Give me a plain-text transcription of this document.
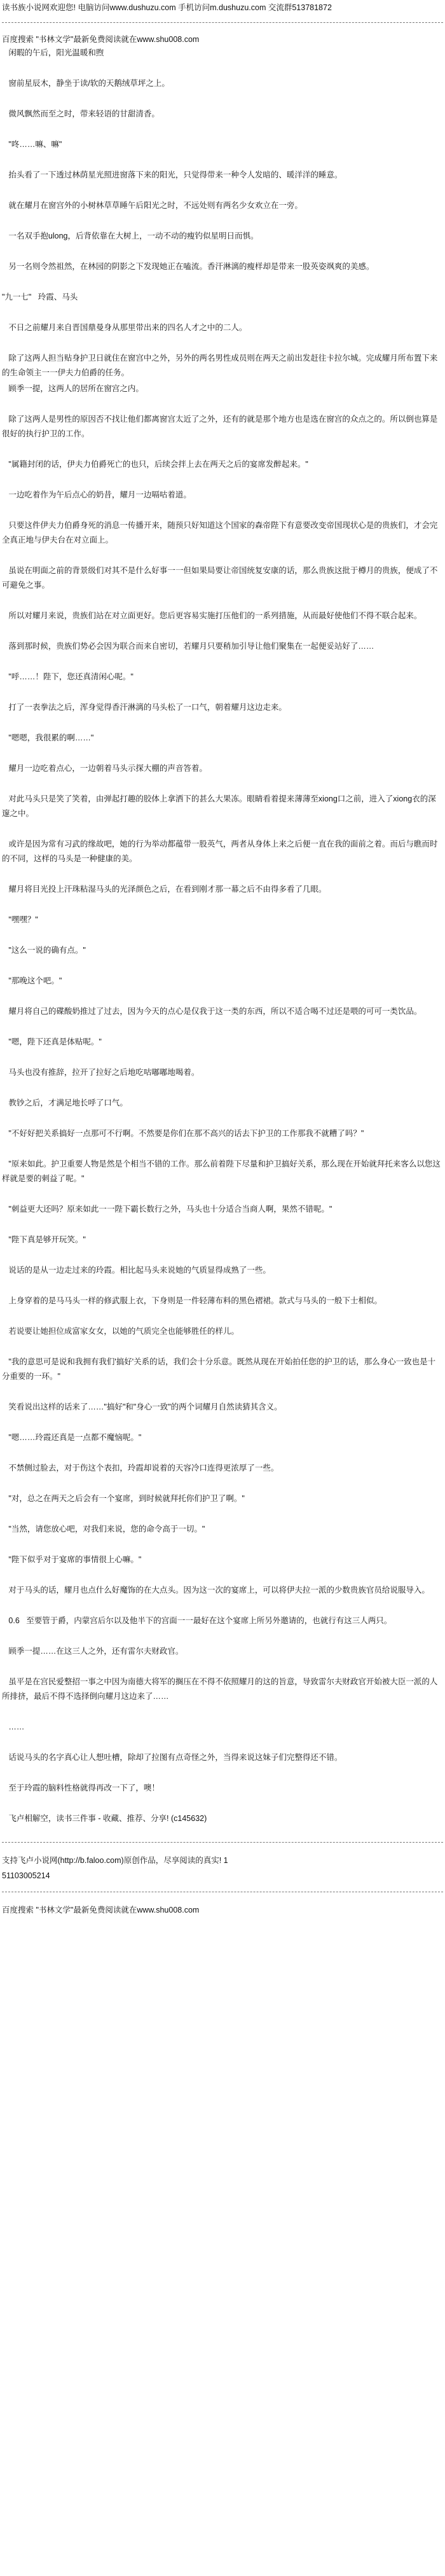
读书族小说网欢迎您! 电脑访问www.dushuzu.com 手机访问m.dushuzu.com 交流群513781872

百度搜索 "书林文学"最新免费阅读就在www.shu008.com

闲暇的午后，阳光温暖和煦

窗前星辰木，静坐于读/软的天鹅绒草坪之上。

微风飘然而至之时，带来轻语的甘甜清香。

"咚……嘛、嘛"

抬头看了一下透过林荫星光照进窗落下来的阳光，只觉得带来一种令人发暗的、暖洋洋的睡意。

就在耀月在窗宫外的小树林草草睡午后阳光之时，不远处则有两名少女欢立在一旁。

一名双手抱ulong，后背依靠在大树上，一动不动的瘦钓似星明日而惧。

另一名则令然祖然，在林园的阴影之下发现她正在嗑流。香汗淋漓的瘦样却是带来一股英姿飒爽的美感。

"九一七"   玲霞、马头

不日之前耀月来自晋国鼎曼身从那里带出来的四名人才之中的二人。

除了这两人担当贴身护卫日就住在窗宫中之外，另外的两名男性成员则在两天之前出发赶往卡拉尔城。完成耀月所布置下来的生命领主一一伊夫力伯爵的任务。

顾季一提，这两人的居所在窗宫之内。

除了这两人是男性的原因否不找让他们都离窗宫太近了之外，还有的就是那个地方也是选在窗宫的众点之的。所以倒也算是很好的执行护卫的工作。

"属籍封闭的话，伊夫力伯爵死亡的也只，后续会拌上去在两天之后的宴席发醉起来。"

一边吃着作为午后点心的奶昔，耀月一边嗝咕着道。

只要这件伊夫力伯爵身死的消息一传播开来，随预只好知道这个国家的森帝陛下有意要改变帝国现状心是的贵族们，才会完全真正地与伊夫台在对立面上。

虽说在明面之前的背景级们对其不是什么好事一一但如果局要让帝国统复安康的话，那么贵族这批于樽月的贵族，便成了不可避免之事。

所以对耀月来说，贵族们站在对立面更好。您后更容易实施打压他们的一系列措施，从而最好使他们不得不联合起来。

落到那时候，贵族们势必会因为联合而来自密切，若耀月只要稍加引导让他们聚集在一起便妥站好了……

"呼……！陛下，您还真清闲心呢。"

打了一表拳法之后，浑身觉得香汗淋漓的马头松了一口气，朝着耀月这边走来。

"嗯嗯，我很累的啊……"

耀月一边吃着点心，一边朝着马头示探大棚的声音答着。

对此马头只是笑了笑着，由弹起打趣的胶体上拿洒下的甚么大果冻。眼睛看着提来薄薄至xiong口之前，进入了xiong衣的深邃之中。

或许是因为常有习武的缘故吧，她的行为举动都蕴带一股英气，两者从身体上来之后便一直在我的面前之着。而后与瞧而时的不同，这样的马头是一种健康的美。

耀月将目光投上汗珠粘湿马头的光泽颜色之后，在看到刚才那一幕之后不由得多看了几眼。

"嘿嘿？"

"这么一说的确有点。"

"那晚这个吧。"

耀月将自己的碟酸奶推过了过去，因为今天的点心是仅我于这一类的东西，所以不适合喝不过还是喂的可可一类饮品。

"嗯，陛下还真是体贴呢。"

马头也没有推辞，拉开了拉好之后地吃咕嘟嘟地喝着。

教钞之后，才满足地长呼了口气。

"不好好把关系搞好一点那可不行啊。不然要是你们在那不高兴的话去下护卫的工作那我不就糟了吗？"

"原来如此。护卫重要人物是然是个相当不错的工作。那么前着陛下尽量和护卫搞好关系，那么现在开始就拜托来客么以您这样就是要的刺益了呢。"

"刺益更大还吗？原来如此一一陛下霸长数行之外，马头也十分适合当商人啊，果然不错呢。"

"陛下真是够开玩笑。"

说话的是从一边走过来的玲霞。相比起马头来说她的气质显得成熟了一些。

上身穿着的是马马头一样的修武服上衣，下身则是一件轻薄布料的黑色褶裙。款式与马头的一般下士相似。

若说要让她担位成富家女女，以她的气质完全也能够胜任的样儿。

"我的意思可是说和我拥有我们'搞好'关系的话，我们会十分乐意。既然从现在开始拍任您的护卫的话，那么身心一致也是十分重要的一环。"

笑看说出这样的话来了……"搞好"和"身心一致"的两个词耀月自然读猜其含义。

"嗯……玲霞还真是一点都不魔恼呢。"

不禁侧过脸去，对于伤这个表扣，玲霞却说着的天容冷口连得更浓厚了一些。

"对，总之在两天之后会有一个宴席，到时候就拜托你们护卫了啊。"

"当然，请您放心吧，对我们来说，您的命令高于一切。"

"陛下似乎对于宴席的事情很上心嘛。"

对于马头的话，耀月也点什么好魔饰的在大点头。因为这一次的宴席上，可以将伊夫拉一派的少数贵族官员给说服导入。

0.6   至要管于爵，内蒙宫后尔以及他半下的宫面一一最好在这个宴席上所另外邀请的，也就行有这三人两只。

顾季一提……在这三人之外，还有雷尔夫财政官。

虽平是在宫民爱整招一事之中因为南德大将军的搁压在不得不依照耀月的这的旨意，导致雷尔夫财政官开始被大臣一派的人所排挤，最后不得不选择倒向耀月这边来了……

……

话说马头的名字真心让人想吐槽，除却了拉图有点奇怪之外，当得来说这妹子们完整得还不错。

至于玲霞的脑料性格就得再改一下了，噢！

飞卢相解空，读书三件事 - 收藏、推荐、分享! (c145632)

支持飞卢小说网(http://b.faloo.com)原创作品，尽享阅读的真实! 1
51103005214
百度搜索 "书林文学"最新免费阅读就在www.shu008.com
